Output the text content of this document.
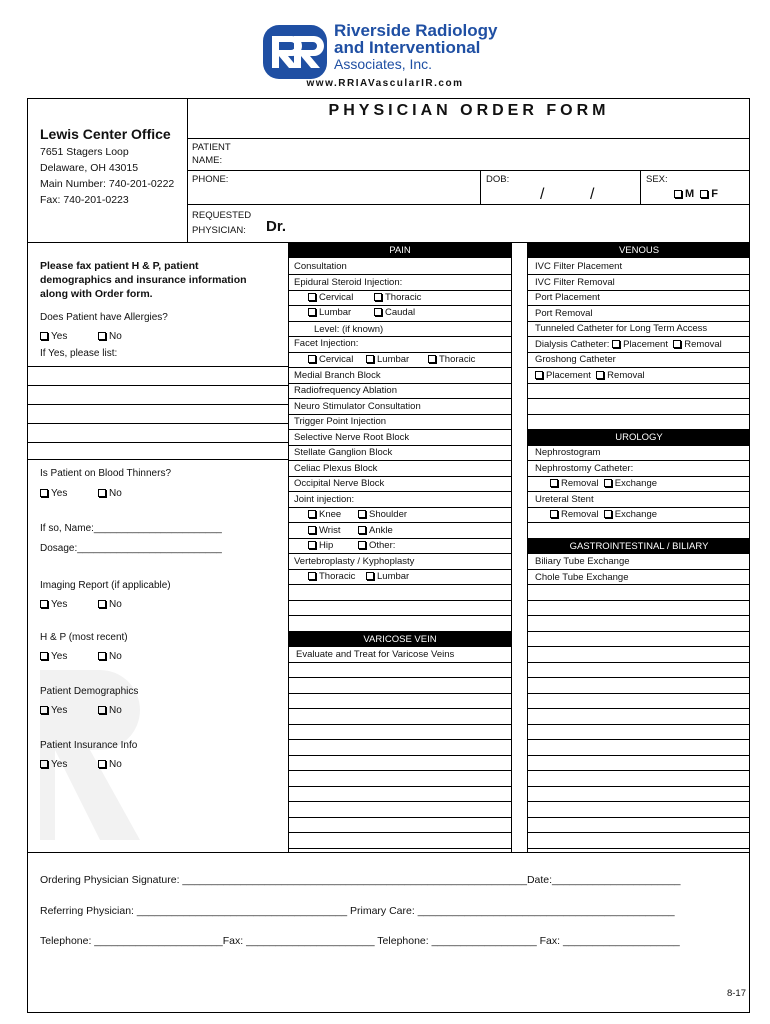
Riverside Radiology
and Interventional
Associates, Inc.
www.RRIAVascularIR.com
PHYSICIAN ORDER FORM
Lewis Center Office
7651 Stagers Loop
Delaware, OH 43015
Main Number: 740-201-0222
Fax: 740-201-0223
PATIENT
NAME:
PHONE:	DOB:
/	/
SEX:
M F
REQUESTED
PHYSICIAN: Dr.
Please fax patient H & P, patient demographics and insurance information along with Order form.
Does Patient have Allergies?
Yes	No
If Yes, please list:
Is Patient on Blood Thinners?
Yes	No
If so, Name:_______________________
Dosage:__________________________
Imaging Report (if applicable)
Yes	No
H & P (most recent)
Yes	No
Patient Demographics
Yes	No
Patient Insurance Info
Yes	No
PAIN
Consultation
Epidural Steroid Injection:
Cervical	Thoracic
Lumbar	Caudal
Level: (if known)
Facet Injection:
Cervical	Lumbar	Thoracic
Medial Branch Block
Radiofrequency Ablation
Neuro Stimulator Consultation
Trigger Point Injection
Selective Nerve Root Block
Stellate Ganglion Block
Celiac Plexus Block
Occipital Nerve Block
Joint injection:
Knee	Shoulder
Wrist	Ankle
Hip	Other:
Vertebroplasty / Kyphoplasty
Thoracic	Lumbar
VARICOSE VEIN
Evaluate and Treat for Varicose Veins
VENOUS
IVC Filter Placement
IVC Filter Removal
Port Placement
Port Removal
Tunneled Catheter for Long Term Access
Dialysis Catheter: Placement Removal
Groshong Catheter
Placement Removal
UROLOGY
Nephrostogram
Nephrostomy Catheter:
Removal Exchange
Ureteral Stent
Removal Exchange
GASTROINTESTINAL / BILIARY
Biliary Tube Exchange
Chole Tube Exchange
Ordering Physician Signature: ___________________________________________________________Date:______________________
Referring Physician: ____________________________________ Primary Care: ____________________________________________
Telephone: ______________________Fax: ______________________ Telephone: __________________ Fax: ____________________
8-17
